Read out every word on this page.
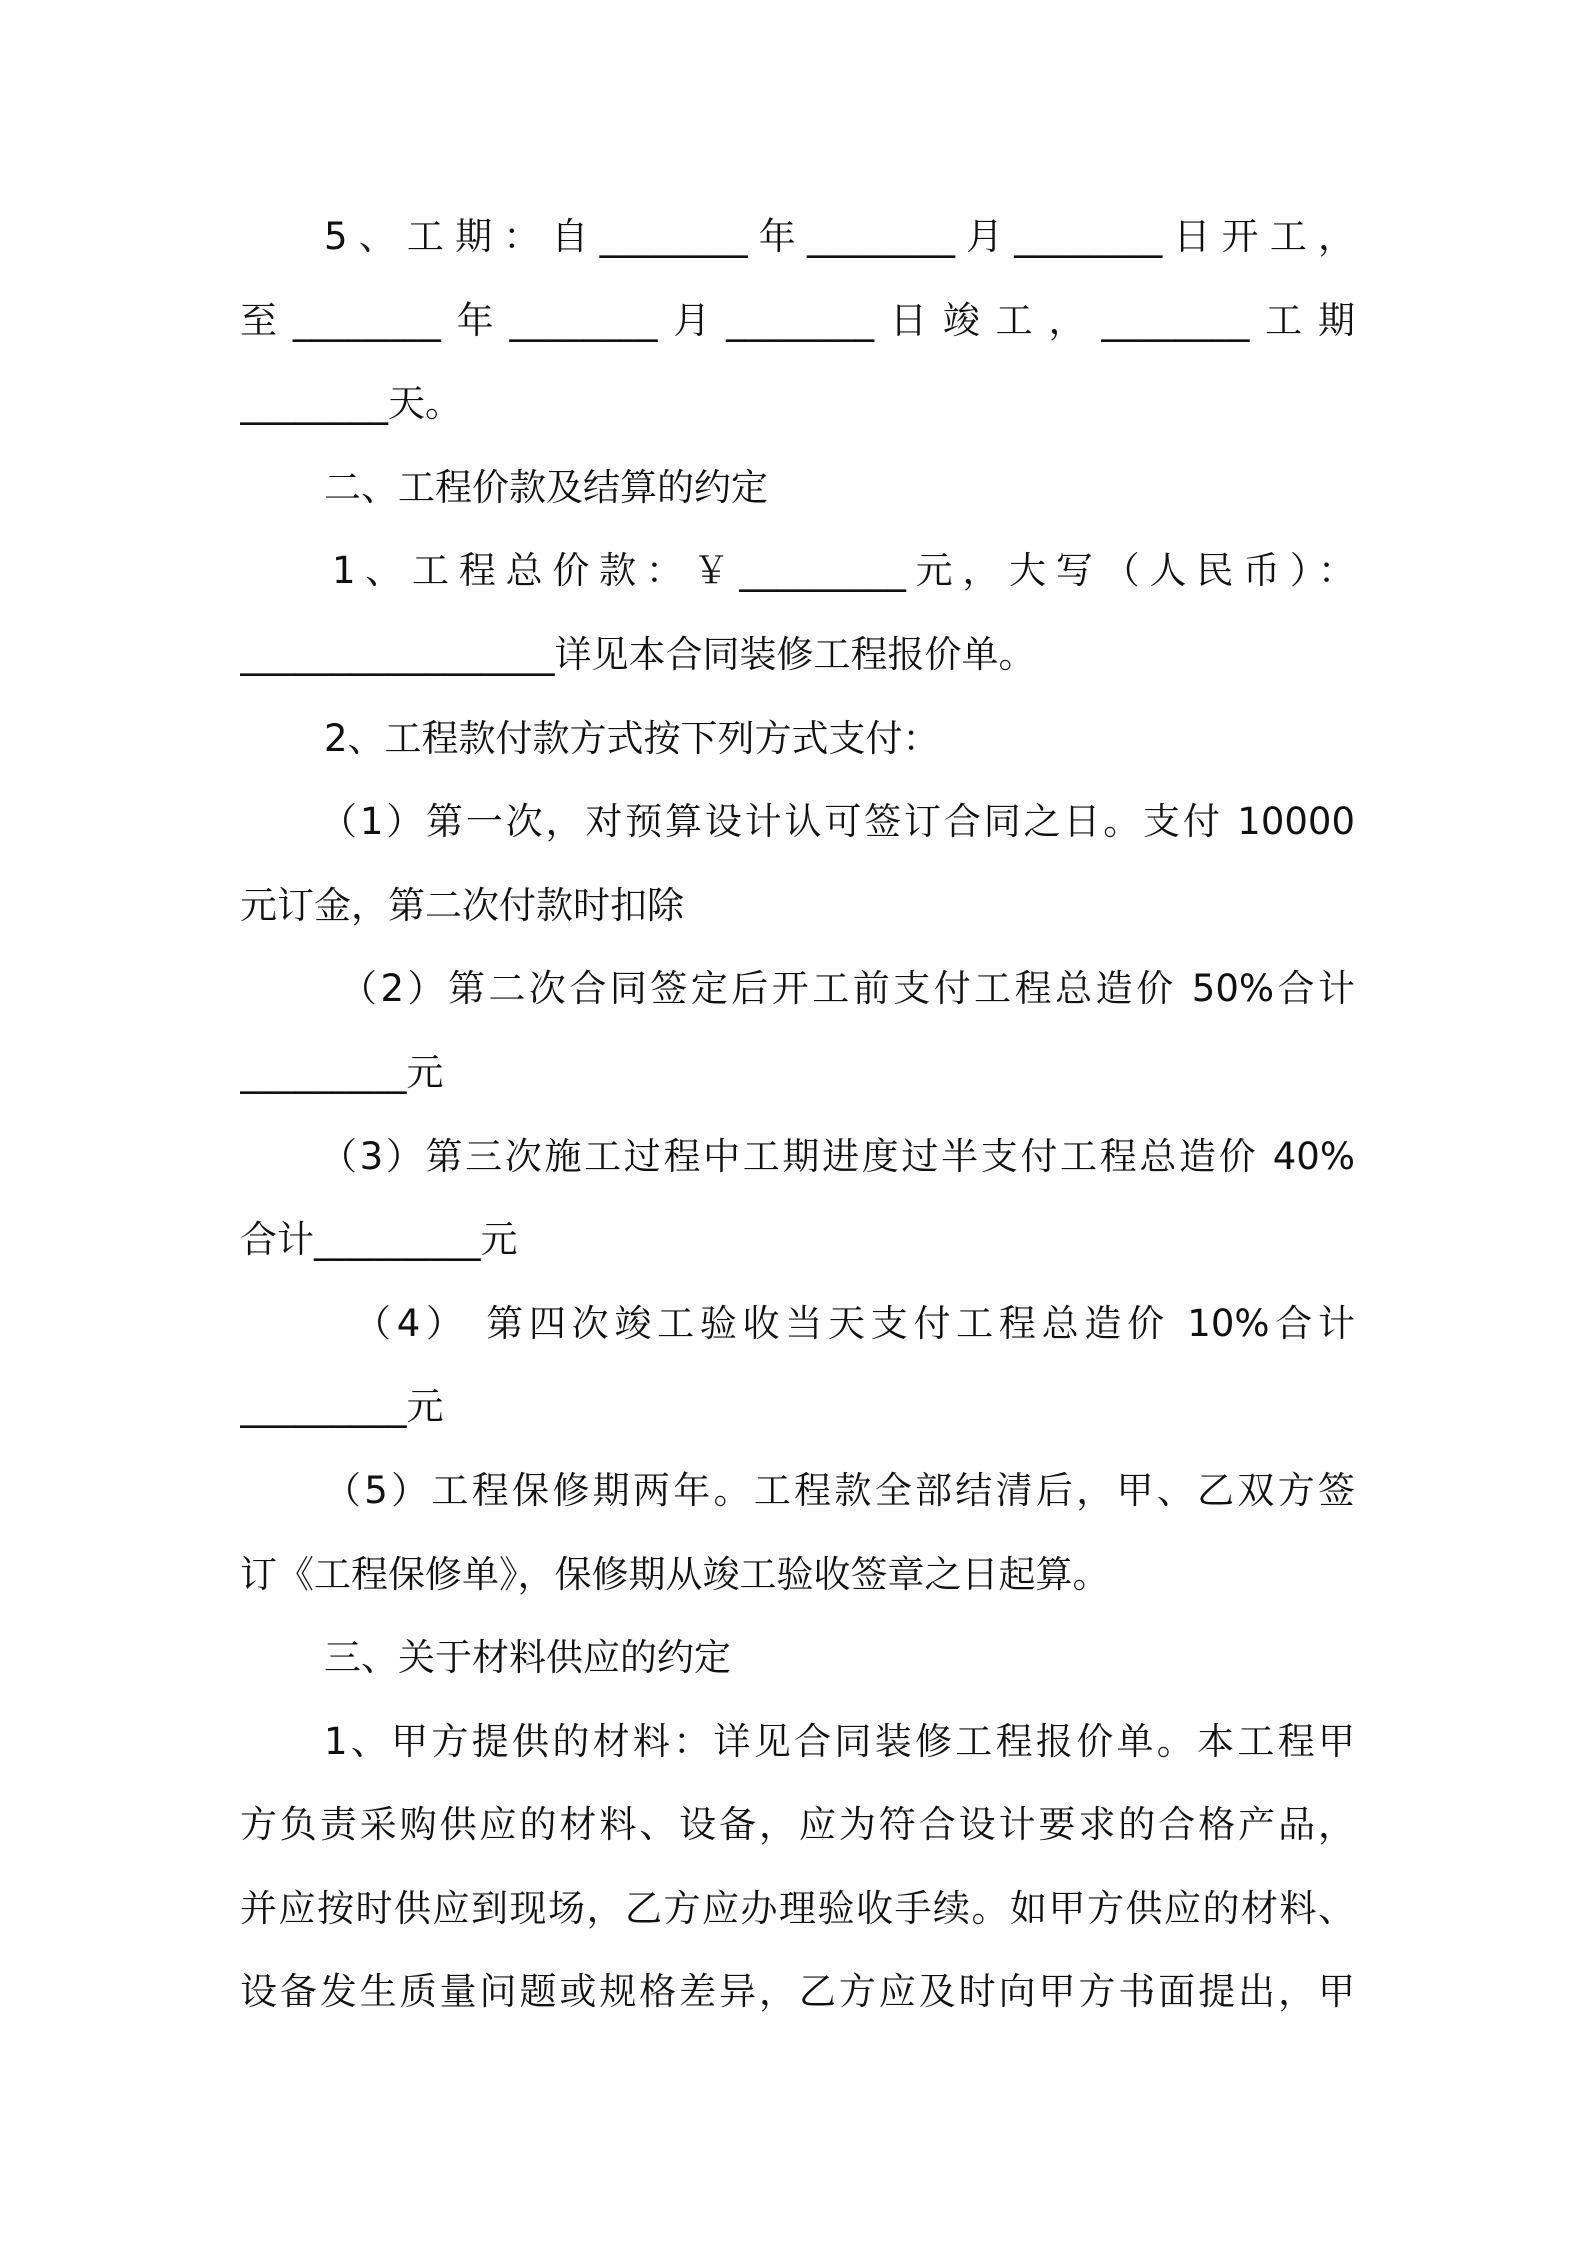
5、工期：自________年________月________日开工，
至________年________月________日竣工，________工期
________天。
二、工程价款及结算的约定
1、工程总价款：￥_________元，大写（人民币）：
_________________详见本合同装修工程报价单。
2、工程款付款方式按下列方式支付：
（1）第一次，对预算设计认可签订合同之日。支付 10000
元订金，第二次付款时扣除
（2）第二次合同签定后开工前支付工程总造价 50%合计
_________元
（3）第三次施工过程中工期进度过半支付工程总造价 40%
合计_________元
（4） 第四次竣工验收当天支付工程总造价 10%合计
_________元
（5）工程保修期两年。工程款全部结清后，甲、乙双方签
订《工程保修单》，保修期从竣工验收签章之日起算。
三、关于材料供应的约定
1、甲方提供的材料：详见合同装修工程报价单。本工程甲
方负责采购供应的材料、设备，应为符合设计要求的合格产品，
并应按时供应到现场，乙方应办理验收手续。如甲方供应的材料、
设备发生质量问题或规格差异，乙方应及时向甲方书面提出，甲
